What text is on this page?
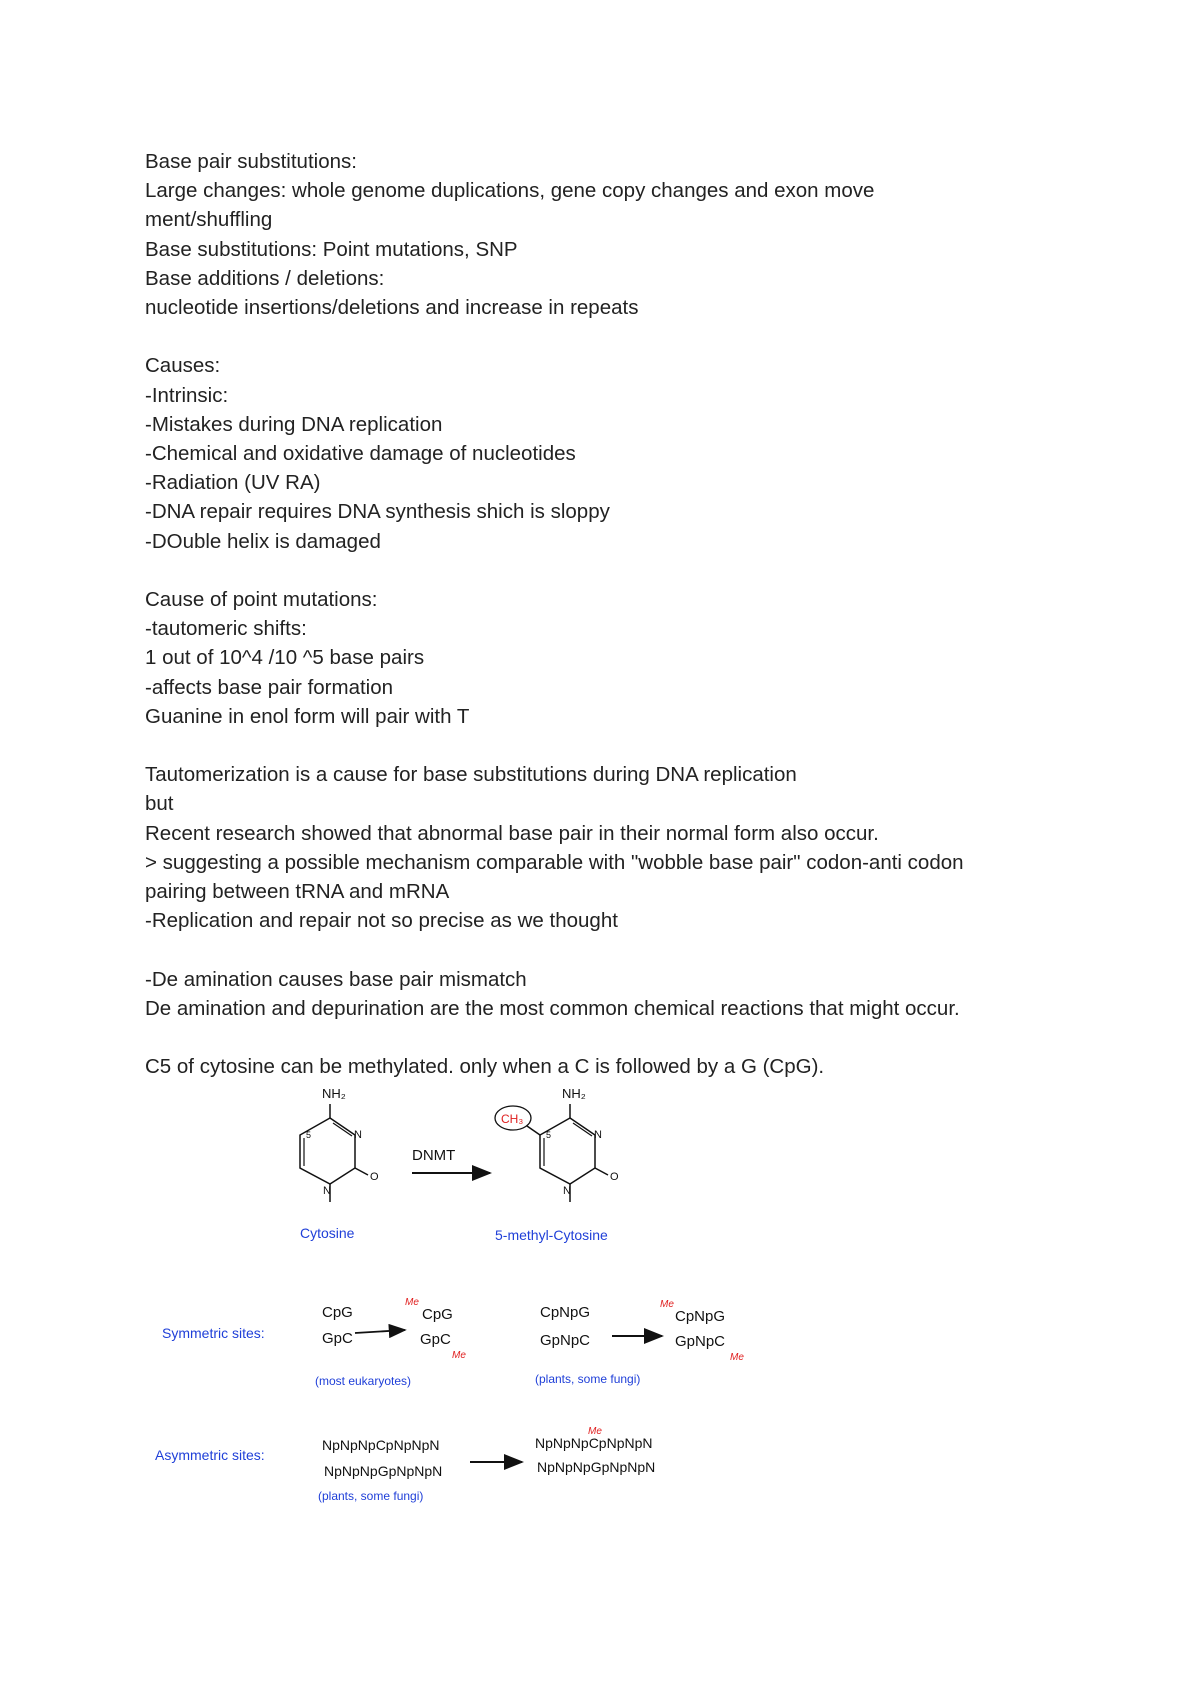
Base pair substitutions:
Large changes: whole genome duplications, gene copy changes and exon move
ment/shuffling
Base substitutions: Point mutations, SNP
Base additions / deletions:
nucleotide insertions/deletions and increase in repeats
Causes:
-Intrinsic:
-Mistakes during DNA replication
-Chemical and oxidative damage of nucleotides
-Radiation (UV RA)
-DNA repair requires DNA synthesis shich is sloppy
-DOuble helix is damaged
Cause of point mutations:
-tautomeric shifts:
1 out of 10^4 /10 ^5 base pairs
-affects base pair formation
Guanine in enol form will pair with T
Tautomerization is a cause for base substitutions during DNA replication
but
Recent research showed that abnormal base pair in their normal form also occur.
> suggesting a possible mechanism comparable with "wobble base pair" codon-anti codon
pairing between tRNA and mRNA
-Replication and repair not so precise as we thought
-De amination causes base pair mismatch
De amination and depurination are the most common chemical reactions that might occur.
C5 of cytosine can be methylated. only when a C is followed by a G (CpG).
NH₂
5	N
O
N
Cytosine
DNMT
NH₂
CH₃
5	N
O
N
5-methyl-Cytosine
Symmetric sites:
CpG
GpC
Me
CpG
GpC
Me
(most eukaryotes)
CpNpG
GpNpC
Me
CpNpG
GpNpC
Me
(plants, some fungi)
Asymmetric sites:
NpNpNpCpNpNpN
NpNpNpGpNpNpN
Me
NpNpNpCpNpNpN
NpNpNpGpNpNpN
(plants, some fungi)
